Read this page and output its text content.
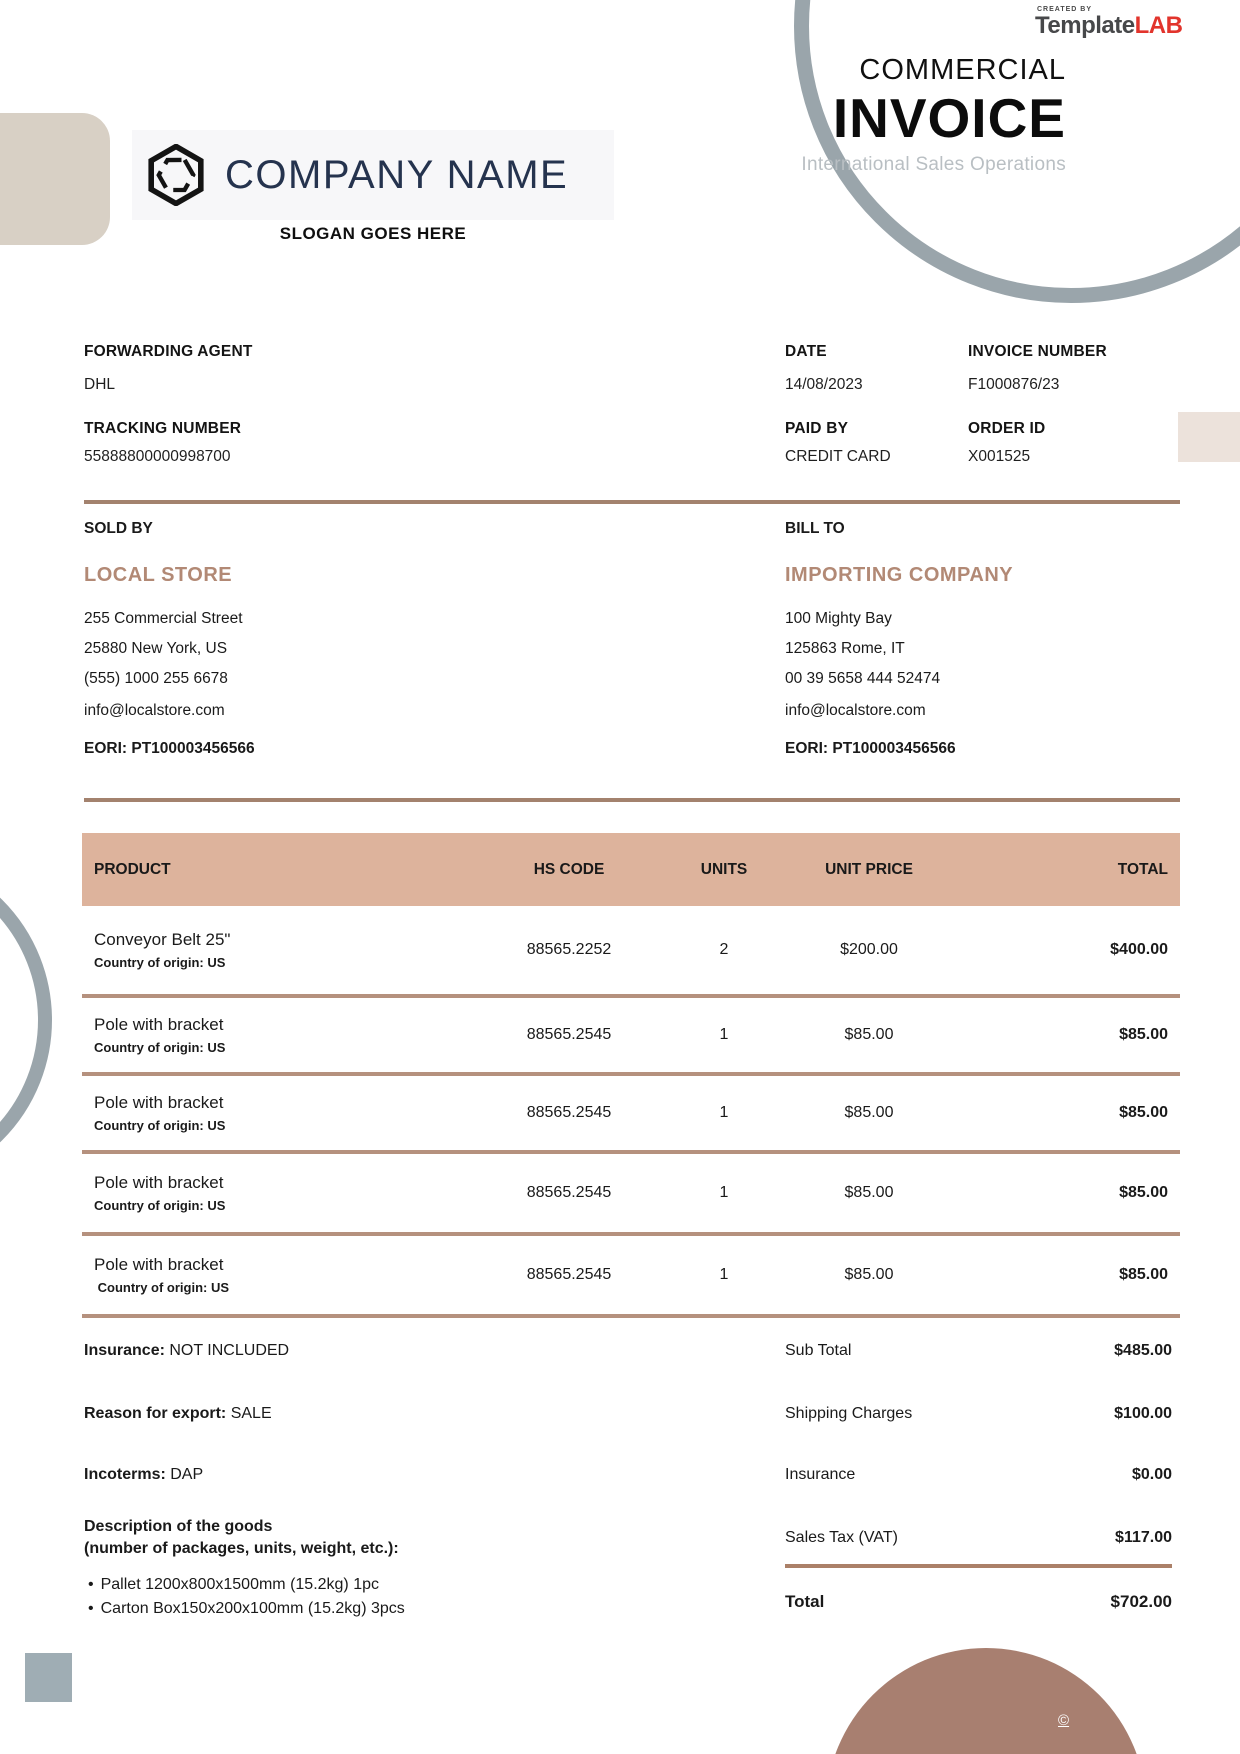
©
CREATED BY
TemplateLAB
COMMERCIAL
INVOICE
International Sales Operations
COMPANY NAME
SLOGAN GOES HERE
FORWARDING AGENT
DHL
DATE
14/08/2023
INVOICE NUMBER
F1000876/23
TRACKING NUMBER
55888800000998700
PAID BY
CREDIT CARD
ORDER ID
X001525
SOLD BY
LOCAL STORE
255 Commercial Street
25880 New York, US
(555) 1000 255 6678
info@localstore.com
EORI: PT100003456566
BILL TO
IMPORTING COMPANY
100 Mighty Bay
125863 Rome, IT
00 39 5658 444 52474
info@localstore.com
EORI: PT100003456566
PRODUCT	HS CODE	UNITS	UNIT PRICE	TOTAL
Conveyor Belt 25"
Country of origin: US
88565.2252	2	$200.00	$400.00
Pole with bracket
Country of origin: US
88565.2545	1	$85.00	$85.00
Pole with bracket
Country of origin: US
88565.2545	1	$85.00	$85.00
Pole with bracket
Country of origin: US
88565.2545	1	$85.00	$85.00
Pole with bracket
Country of origin: US
88565.2545	1	$85.00	$85.00
Insurance: NOT INCLUDED
Reason for export: SALE
Incoterms: DAP
Description of the goods
(number of packages, units, weight, etc.):
• Pallet 1200x800x1500mm (15.2kg) 1pc
• Carton Box150x200x100mm (15.2kg) 3pcs
Sub Total	$485.00
Shipping Charges	$100.00
Insurance	$0.00
Sales Tax (VAT)	$117.00
Total	$702.00
